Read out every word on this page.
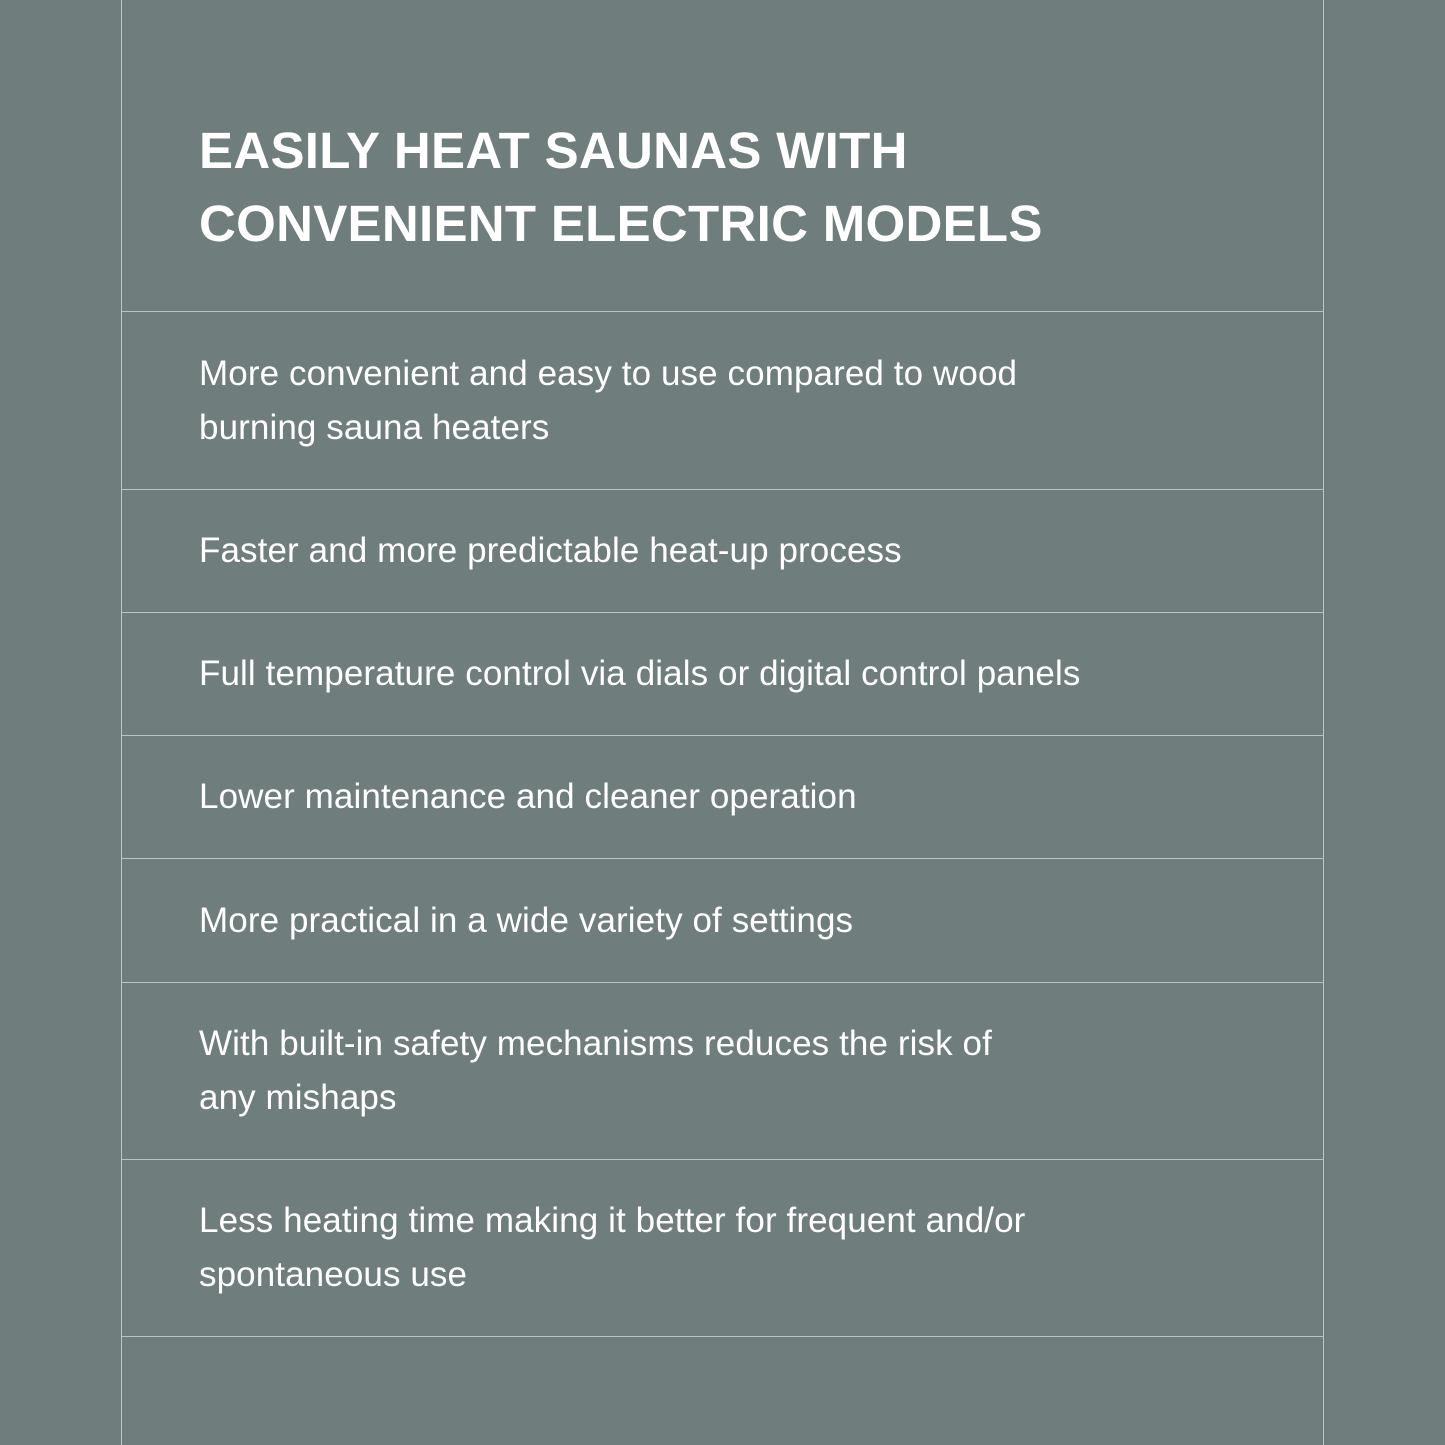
EASILY HEAT SAUNAS WITH
CONVENIENT ELECTRIC MODELS

More convenient and easy to use compared to wood
burning sauna heaters

Faster and more predictable heat-up process

Full temperature control via dials or digital control panels

Lower maintenance and cleaner operation

More practical in a wide variety of settings

With built-in safety mechanisms reduces the risk of
any mishaps

Less heating time making it better for frequent and/or
spontaneous use
